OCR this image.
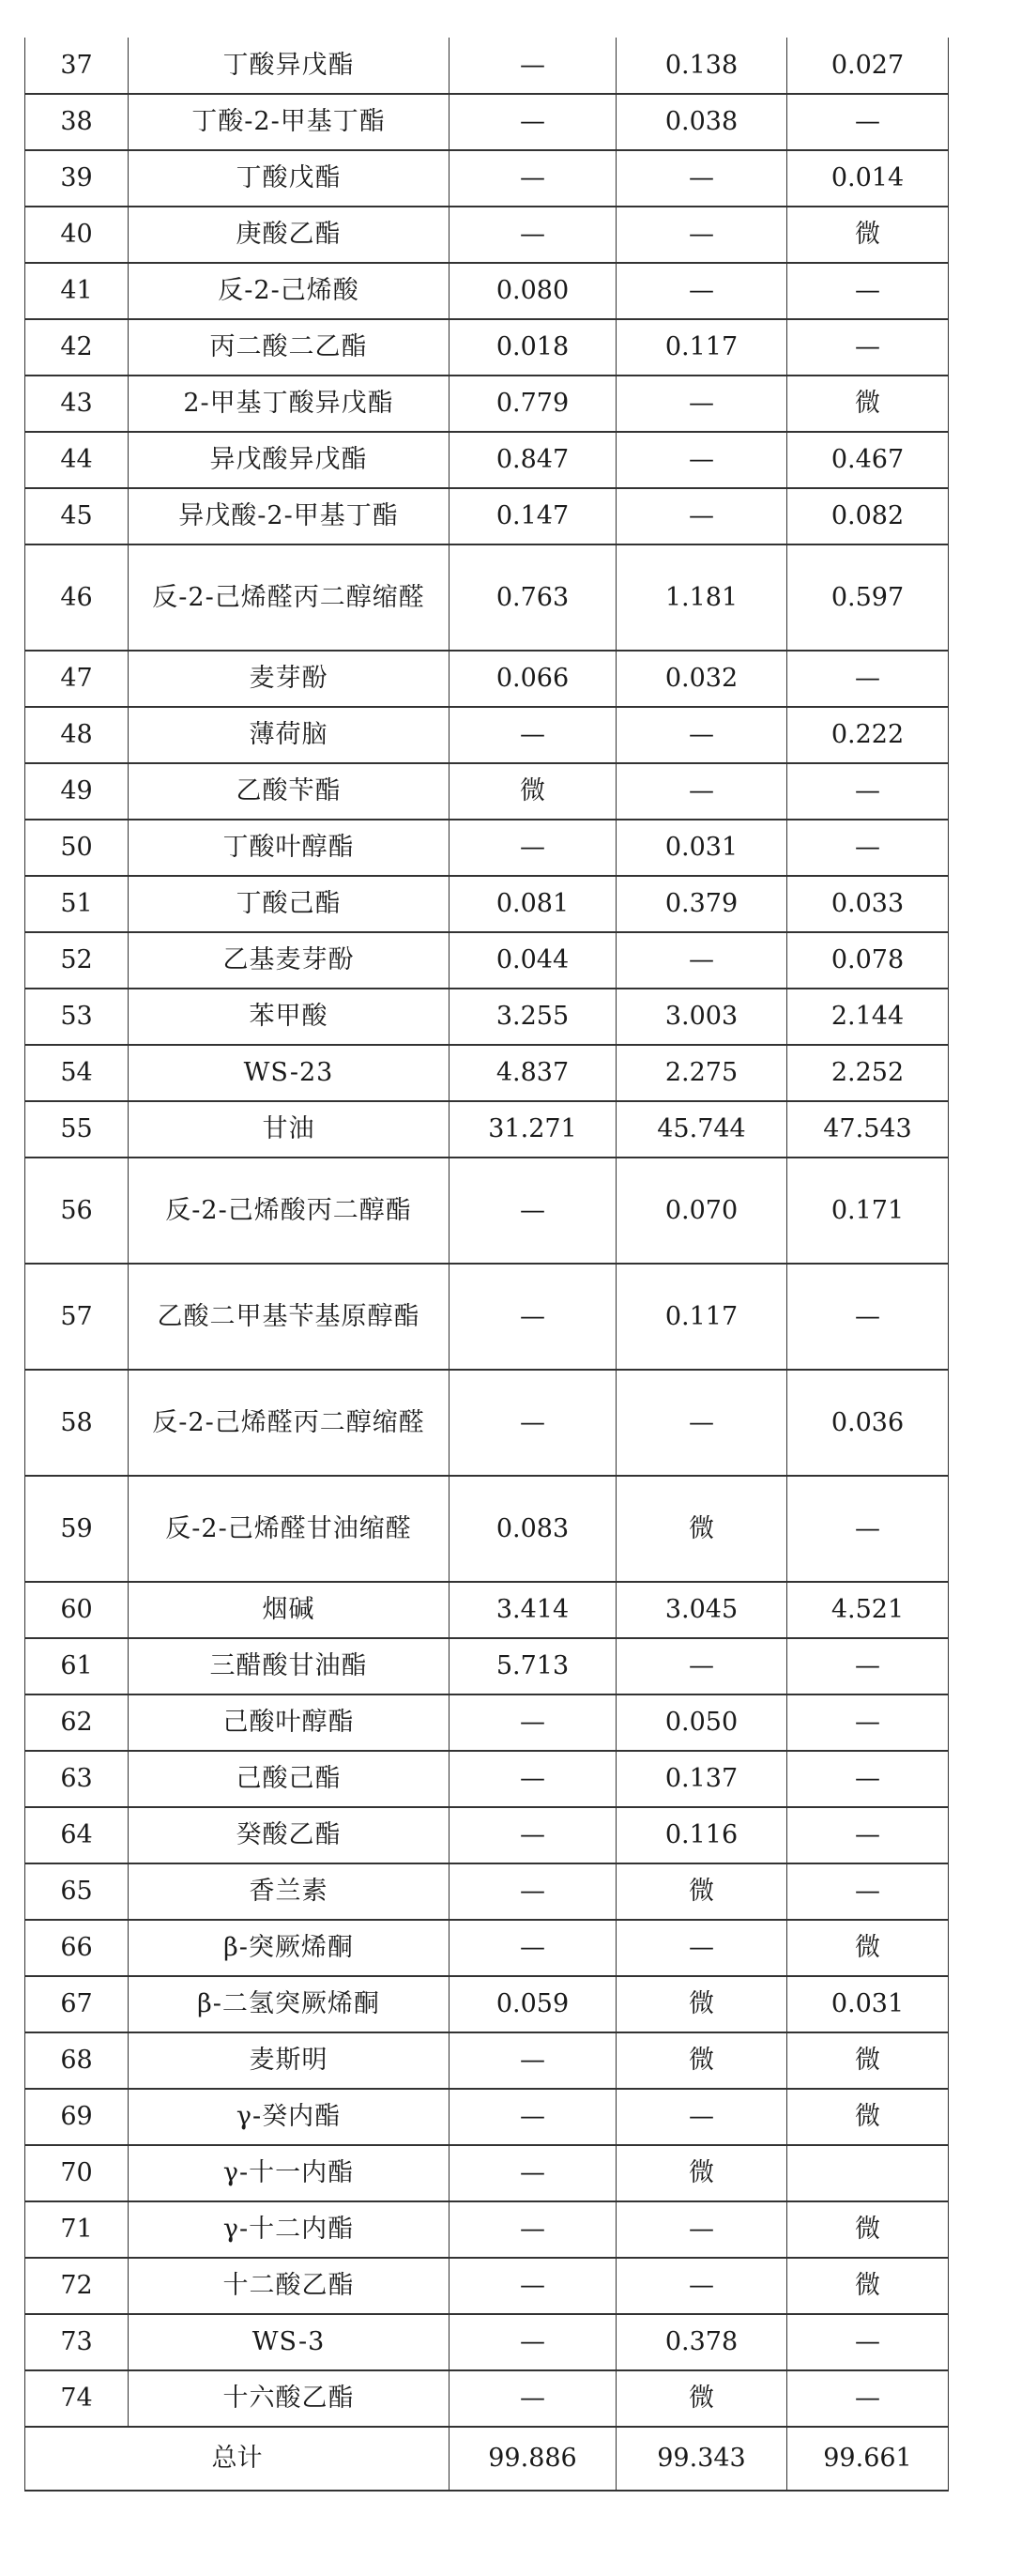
37	丁酸异戊酯	—	0.138	0.027
38	丁酸-2-甲基丁酯	—	0.038	—
39	丁酸戊酯	—	—	0.014
40	庚酸乙酯	—	—	微
41	反-2-己烯酸	0.080	—	—
42	丙二酸二乙酯	0.018	0.117	—
43	2-甲基丁酸异戊酯	0.779	—	微
44	异戊酸异戊酯	0.847	—	0.467
45	异戊酸-2-甲基丁酯	0.147	—	0.082
46	反-2-己烯醛丙二醇缩醛	0.763	1.181	0.597
47	麦芽酚	0.066	0.032	—
48	薄荷脑	—	—	0.222
49	乙酸苄酯	微	—	—
50	丁酸叶醇酯	—	0.031	—
51	丁酸己酯	0.081	0.379	0.033
52	乙基麦芽酚	0.044	—	0.078
53	苯甲酸	3.255	3.003	2.144
54	WS-23	4.837	2.275	2.252
55	甘油	31.271	45.744	47.543
56	反-2-己烯酸丙二醇酯	—	0.070	0.171
57	乙酸二甲基苄基原醇酯	—	0.117	—
58	反-2-己烯醛丙二醇缩醛	—	—	0.036
59	反-2-己烯醛甘油缩醛	0.083	微	—
60	烟碱	3.414	3.045	4.521
61	三醋酸甘油酯	5.713	—	—
62	己酸叶醇酯	—	0.050	—
63	己酸己酯	—	0.137	—
64	癸酸乙酯	—	0.116	—
65	香兰素	—	微	—
66	β-突厥烯酮	—	—	微
67	β-二氢突厥烯酮	0.059	微	0.031
68	麦斯明	—	微	微
69	γ-癸内酯	—	—	微
70	γ-十一内酯	—	微	
71	γ-十二内酯	—	—	微
72	十二酸乙酯	—	—	微
73	WS-3	—	0.378	—
74	十六酸乙酯	—	微	—
总计		99.886	99.343	99.661
